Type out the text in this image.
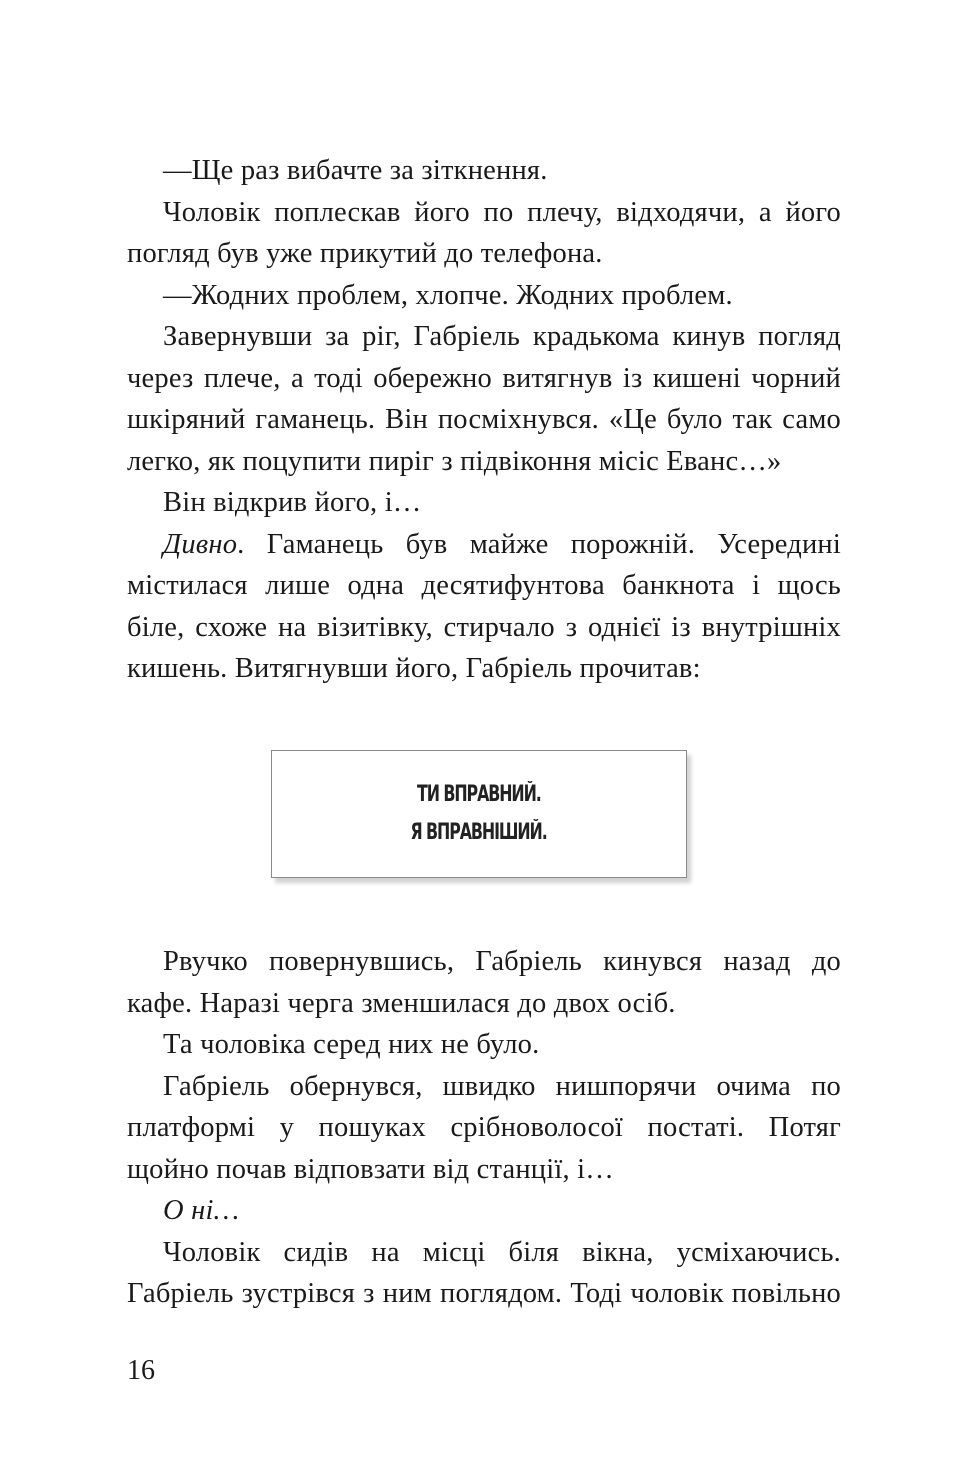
—Ще раз вибачте за зіткнення.

Чоловік поплескав його по плечу, відходячи, а його погляд був уже прикутий до телефона.

—Жодних проблем, хлопче. Жодних проблем.

Завернувши за ріг, Габріель крадькома кинув погляд через плече, а тоді обережно витягнув із кишені чорний шкіряний гаманець. Він посміхнувся. «Це було так само легко, як поцупити пиріг з підвіконня місіс Еванс…»

Він відкрив його, і…

Дивно. Гаманець був майже порожній. Усередині містилася лише одна десятифунтова банкнота і щось біле, схоже на візитівку, стирчало з однієї із внутрішніх кишень. Витягнувши його, Габріель прочитав:

ТИ ВПРАВНИЙ.
Я ВПРАВНІШИЙ.

Рвучко повернувшись, Габріель кинувся назад до кафе. Наразі черга зменшилася до двох осіб.

Та чоловіка серед них не було.

Габріель обернувся, швидко нишпорячи очима по платформі у пошуках срібноволосої постаті. Потяг щойно почав відповзати від станції, і…

О ні…

Чоловік сидів на місці біля вікна, усміхаючись. Габріель зустрівся з ним поглядом. Тоді чоловік повільно

16
